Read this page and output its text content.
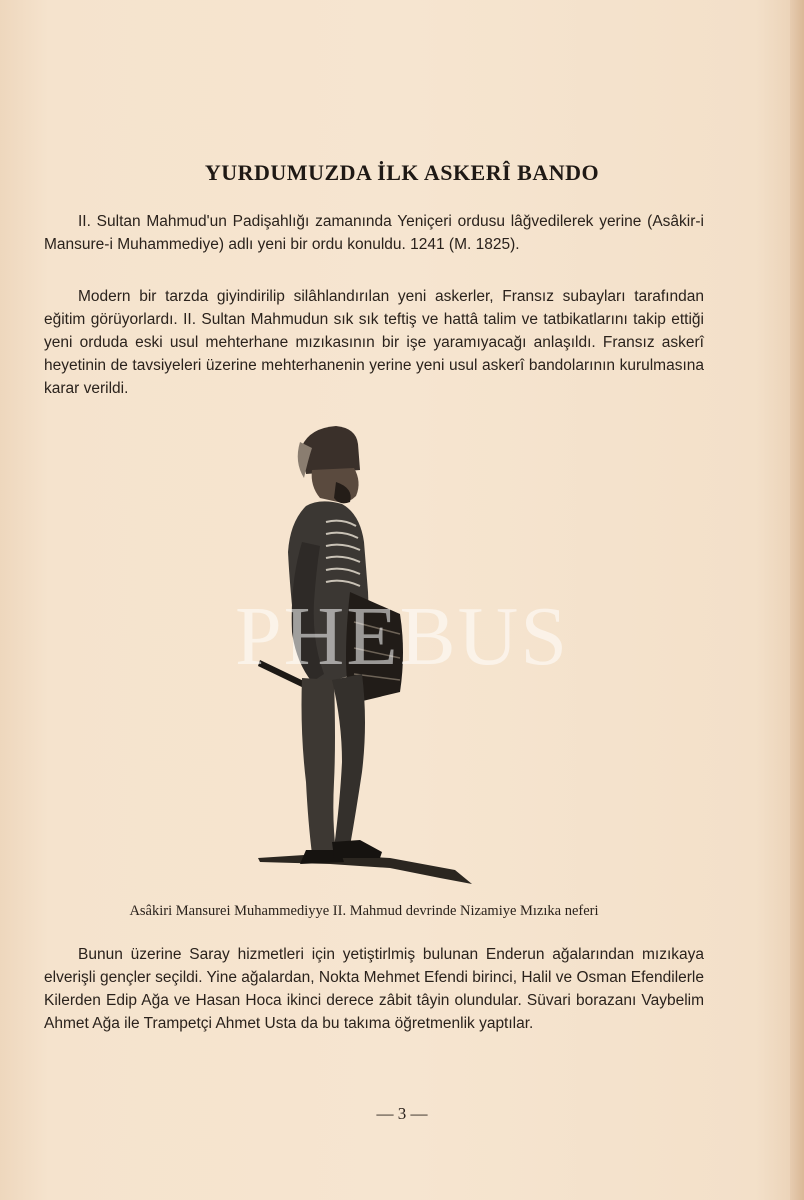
YURDUMUZDA İLK ASKERÎ BANDO

II. Sultan Mahmud'un Padişahlığı zamanında Yeniçeri ordusu lâğvedilerek yerine (Asâkir-i Mansure-i Muhammediye) adlı yeni bir ordu konuldu. 1241 (M. 1825).

Modern bir tarzda giyindirilip silâhlandırılan yeni askerler, Fransız subayları tarafından eğitim görüyorlardı. II. Sultan Mahmudun sık sık teftiş ve hattâ talim ve tatbikatlarını takip ettiği yeni orduda eski usul mehterhane mızıkasının bir işe yaramıyacağı anlaşıldı. Fransız askerî heyetinin de tavsiyeleri üzerine mehterhanenin yerine yeni usul askerî bandolarının kurulmasına karar verildi.

PHEBUS
Asâkiri Mansurei Muhammediyye II. Mahmud devrinde Nizamiye Mızıka neferi

Bunun üzerine Saray hizmetleri için yetiştirlmiş bulunan Enderun ağalarından mızıkaya elverişli gençler seçildi. Yine ağalardan, Nokta Mehmet Efendi birinci, Halil ve Osman Efendilerle Kilerden Edip Ağa ve Hasan Hoca ikinci derece zâbit tâyin olundular. Süvari borazanı Vaybelim Ahmet Ağa ile Trampetçi Ahmet Usta da bu takıma öğretmenlik yaptılar.

— 3 —
